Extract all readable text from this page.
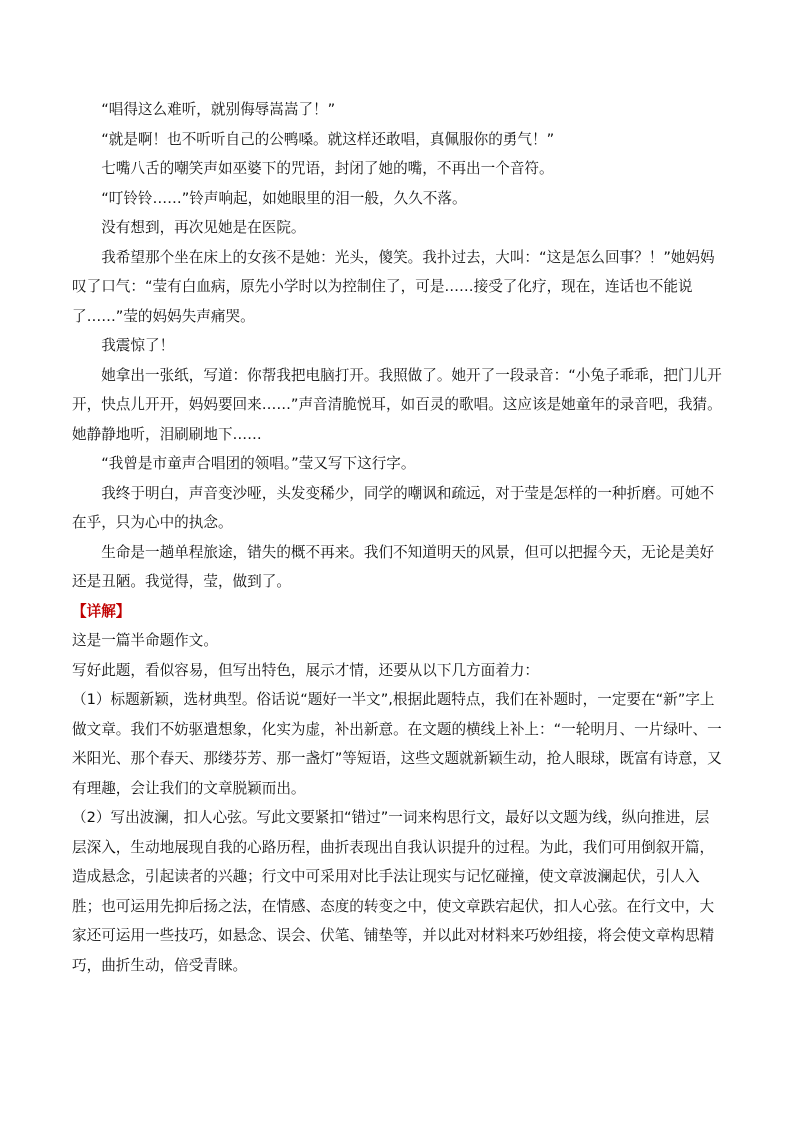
“唱得这么难听，就别侮辱嵩嵩了！”

“就是啊！也不听听自己的公鸭嗓。就这样还敢唱，真佩服你的勇气！”

七嘴八舌的嘲笑声如巫婆下的咒语，封闭了她的嘴，不再出一个音符。

“叮铃铃……”铃声响起，如她眼里的泪一般，久久不落。

没有想到，再次见她是在医院。

我希望那个坐在床上的女孩不是她：光头，傻笑。我扑过去，大叫：“这是怎么回事？！”她妈妈叹了口气：“莹有白血病，原先小学时以为控制住了，可是……接受了化疗，现在，连话也不能说了……”莹的妈妈失声痛哭。

我震惊了！

她拿出一张纸，写道：你帮我把电脑打开。我照做了。她开了一段录音：“小兔子乖乖，把门儿开开，快点儿开开，妈妈要回来……”声音清脆悦耳，如百灵的歌唱。这应该是她童年的录音吧，我猜。她静静地听，泪刷刷地下……

“我曾是市童声合唱团的领唱。”莹又写下这行字。

我终于明白，声音变沙哑，头发变稀少，同学的嘲讽和疏远，对于莹是怎样的一种折磨。可她不在乎，只为心中的执念。

生命是一趟单程旅途，错失的概不再来。我们不知道明天的风景，但可以把握今天，无论是美好还是丑陋。我觉得，莹，做到了。

【详解】

这是一篇半命题作文。

写好此题，看似容易，但写出特色，展示才情，还要从以下几方面着力：

（1）标题新颖，选材典型。俗话说“题好一半文”,根据此题特点，我们在补题时，一定要在“新”字上做文章。我们不妨驱遣想象，化实为虚，补出新意。在文题的横线上补上：“一轮明月、一片绿叶、一米阳光、那个春天、那缕芬芳、那一盏灯”等短语，这些文题就新颖生动，抢人眼球，既富有诗意，又有理趣，会让我们的文章脱颖而出。

（2）写出波澜，扣人心弦。写此文要紧扣“错过”一词来构思行文，最好以文题为线，纵向推进，层层深入，生动地展现自我的心路历程，曲折表现出自我认识提升的过程。为此，我们可用倒叙开篇，造成悬念，引起读者的兴趣；行文中可采用对比手法让现实与记忆碰撞，使文章波澜起伏，引人入胜；也可运用先抑后扬之法，在情感、态度的转变之中，使文章跌宕起伏，扣人心弦。在行文中，大家还可运用一些技巧，如悬念、误会、伏笔、铺垫等，并以此对材料来巧妙组接，将会使文章构思精巧，曲折生动，倍受青睐。
